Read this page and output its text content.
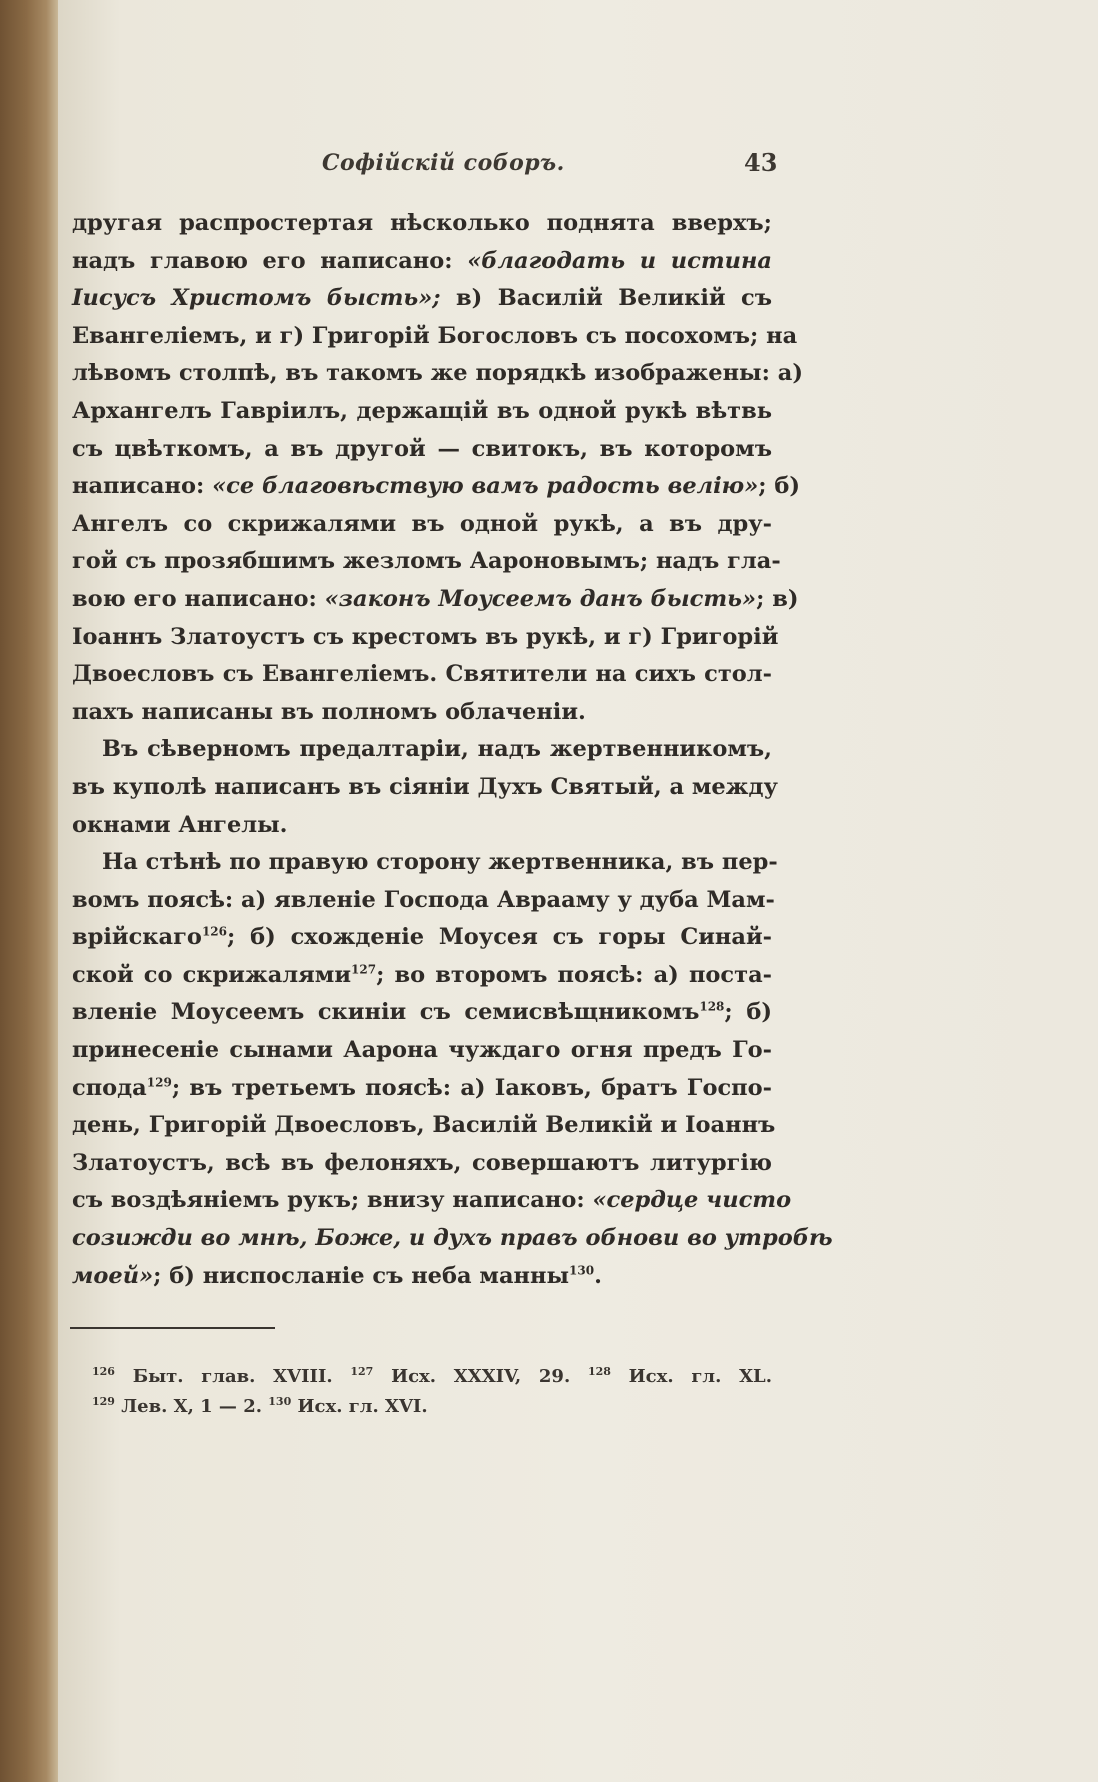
Софійскій соборъ.	43

другая распростертая нѣсколько поднята вверхъ;
надъ главою его написано: «благодать и истина
Іисусъ Христомъ бысть»; в) Василій Великій съ
Евангеліемъ, и г) Григорій Богословъ съ посохомъ; на
лѣвомъ столпѣ, въ такомъ же порядкѣ изображены: а)
Архангелъ Гавріилъ, держащій въ одной рукѣ вѣтвь
съ цвѣткомъ, а въ другой — свитокъ, въ которомъ
написано: «се благовѣствую вамъ радость велію»; б)
Ангелъ со скрижалями въ одной рукѣ, а въ дру-
гой съ прозябшимъ жезломъ Аароновымъ; надъ гла-
вою его написано: «законъ Моусеемъ данъ бысть»; в)
Іоаннъ Златоустъ съ крестомъ въ рукѣ, и г) Григорій
Двоесловъ съ Евангеліемъ. Святители на сихъ стол-
пахъ написаны въ полномъ облаченіи.

Въ сѣверномъ предалтаріи, надъ жертвенникомъ,
въ куполѣ написанъ въ сіяніи Духъ Святый, а между
окнами Ангелы.

На стѣнѣ по правую сторону жертвенника, въ пер-
вомъ поясѣ: а) явленіе Господа Аврааму у дуба Мам-
врійскаго$^{126}$; б) схожденіе Моусея съ горы Синай-
ской со скрижалями$^{127}$; во второмъ поясѣ: а) поста-
вленіе Моусеемъ скиніи съ семисвѣщникомъ$^{128}$; б)
принесеніе сынами Аарона чуждаго огня предъ Го-
спода$^{129}$; въ третьемъ поясѣ: а) Іаковъ, братъ Госпо-
день, Григорій Двоесловъ, Василій Великій и Іоаннъ
Златоустъ, всѣ въ фелоняхъ, совершаютъ литургію
съ воздѣяніемъ рукъ; внизу написано: «сердце чисто
созижди во мнѣ, Боже, и духъ правъ обнови во утробѣ
моей»; б) ниспосланіе съ неба манны$^{130}$.

$^{126}$ Быт. глав. XVIII. $^{127}$ Исх. XXXIV, 29. $^{128}$ Исх. гл. XL.
$^{129}$ Лев. X, 1 — 2. $^{130}$ Исх. гл. XVI.
